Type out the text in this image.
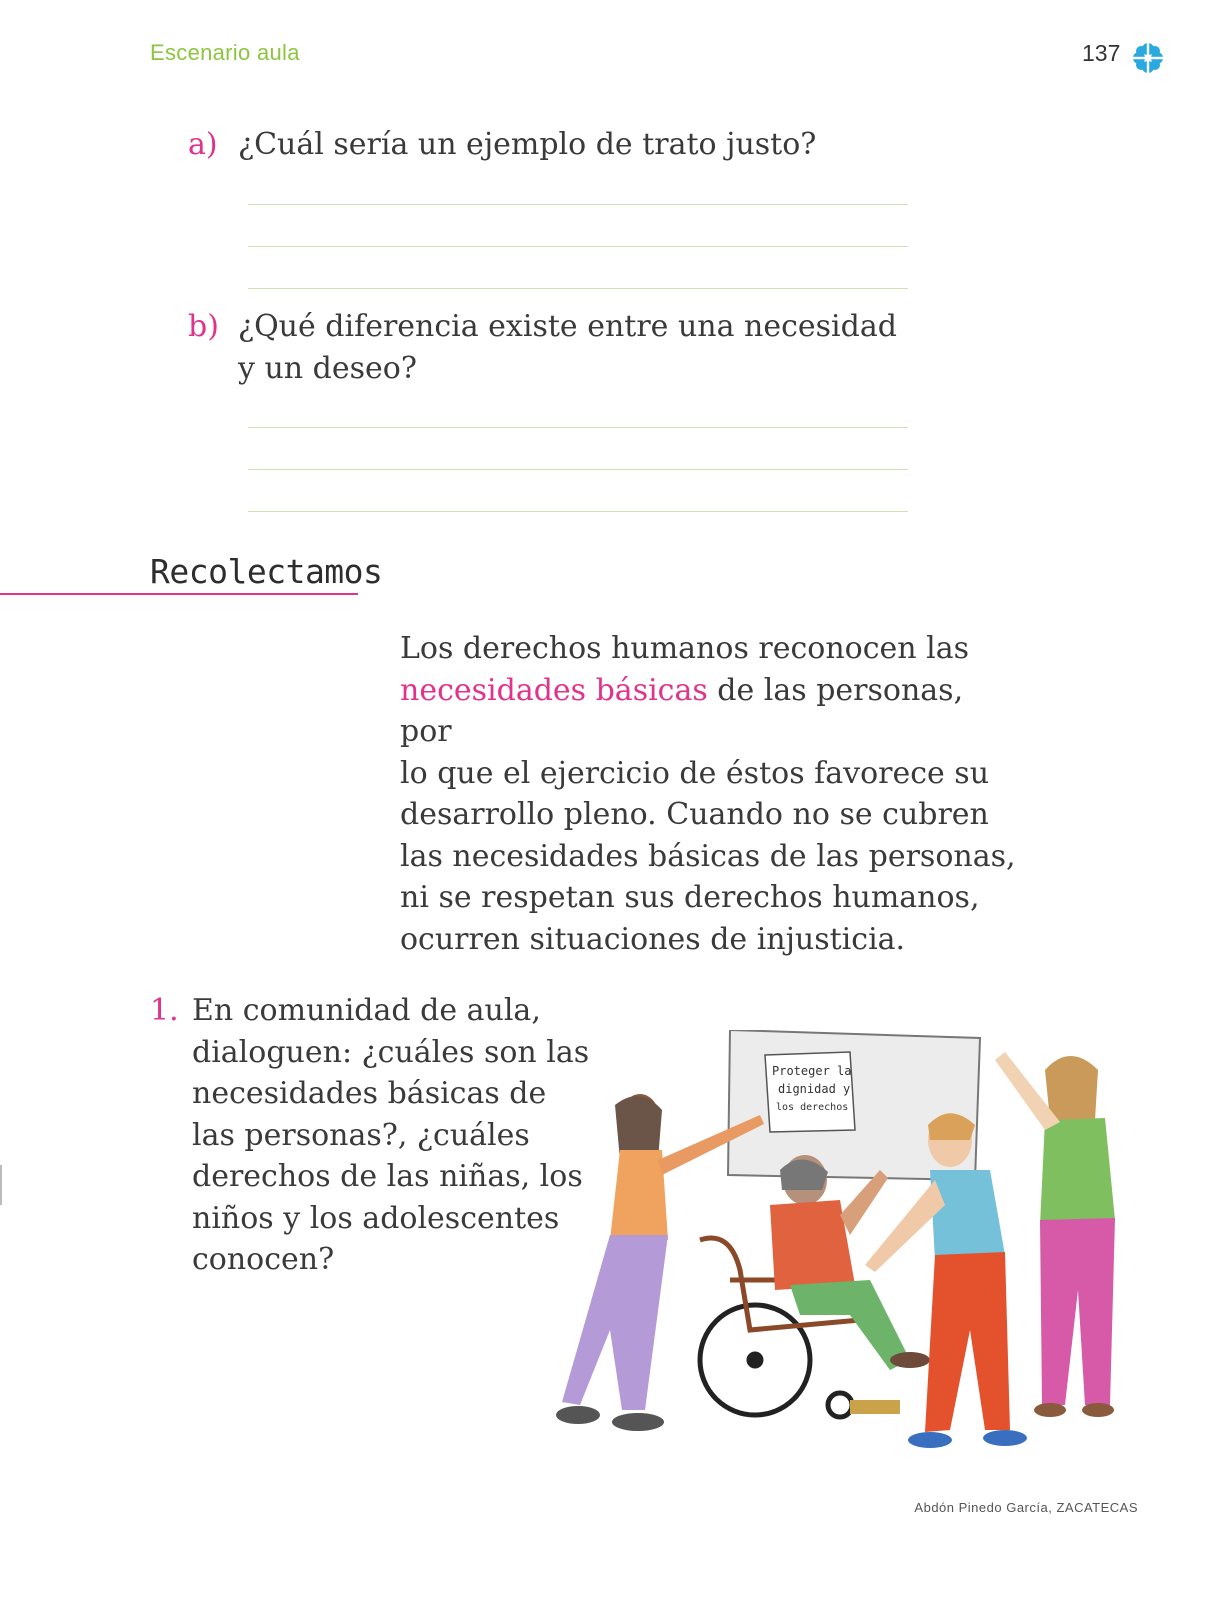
Escenario aula	137
a) ¿Cuál sería un ejemplo de trato justo?
b) ¿Qué diferencia existe entre una necesidad
y un deseo?
Recolectamos
Los derechos humanos reconocen las
necesidades básicas de las personas, por
lo que el ejercicio de éstos favorece su
desarrollo pleno. Cuando no se cubren
las necesidades básicas de las personas,
ni se respetan sus derechos humanos,
ocurren situaciones de injusticia.
1. En comunidad de aula,
dialoguen: ¿cuáles son las
necesidades básicas de
las personas?, ¿cuáles
derechos de las niñas, los
niños y los adolescentes
conocen?
Proteger la
dignidad y
los derechos
Abdón Pinedo García, ZACATECAS
